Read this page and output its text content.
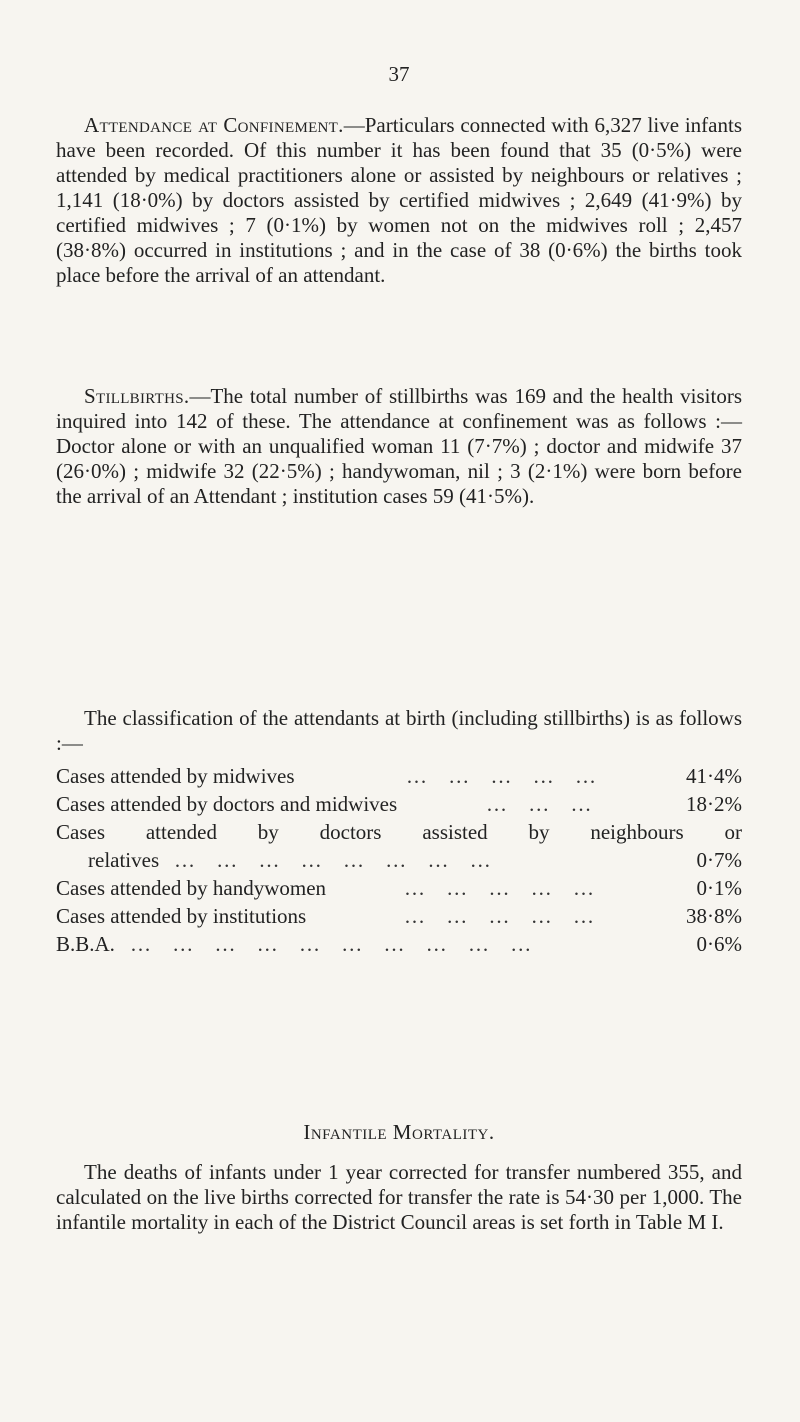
37

Attendance at Confinement.—Particulars connected with 6,327 live infants have been recorded. Of this number it has been found that 35 (0·5%) were attended by medical practitioners alone or assisted by neighbours or relatives ; 1,141 (18·0%) by doctors assisted by certified midwives ; 2,649 (41·9%) by certified midwives ; 7 (0·1%) by women not on the midwives roll ; 2,457 (38·8%) occurred in institutions ; and in the case of 38 (0·6%) the births took place before the arrival of an attendant.

Stillbirths.—The total number of stillbirths was 169 and the health visitors inquired into 142 of these. The attendance at confinement was as follows :—Doctor alone or with an unqualified woman 11 (7·7%) ; doctor and midwife 37 (26·0%) ; midwife 32 (22·5%) ; handywoman, nil ; 3 (2·1%) were born before the arrival of an Attendant ; institution cases 59 (41·5%).

The classification of the attendants at birth (including stillbirths) is as follows :—

Cases attended by midwives	… … … … …	41·4%
Cases attended by doctors and midwives	… … …	18·2%
Cases attended by doctors assisted by neighbours or
relatives … … … … … … … …	0·7%
Cases attended by handywomen	… … … … …	0·1%
Cases attended by institutions	… … … … …	38·8%
B.B.A. … … … … … … … … … …	0·6%
Infantile Mortality.

The deaths of infants under 1 year corrected for transfer numbered 355, and calculated on the live births corrected for transfer the rate is 54·30 per 1,000. The infantile mortality in each of the District Council areas is set forth in Table M I.
